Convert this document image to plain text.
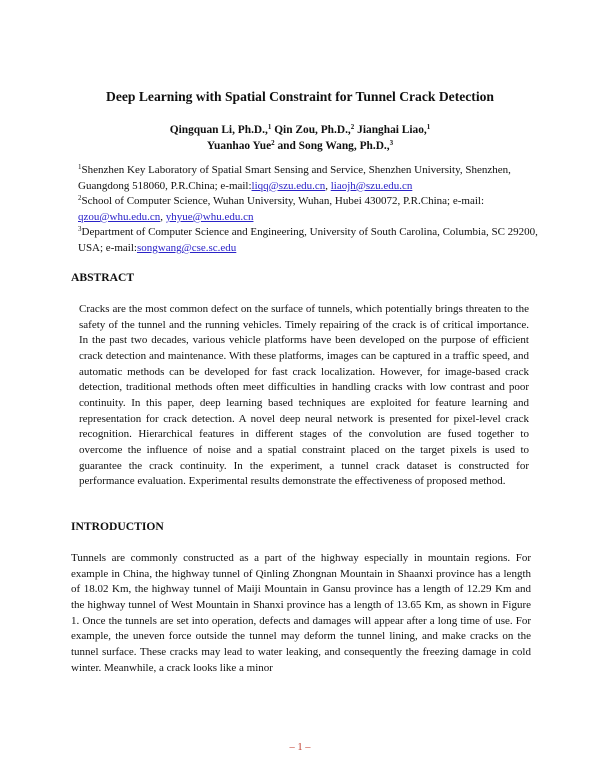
Deep Learning with Spatial Constraint for Tunnel Crack Detection
Qingquan Li, Ph.D.,$^1$ Qin Zou, Ph.D.,$^2$ Jianghai Liao,$^1$
Yuanhao Yue$^2$ and Song Wang, Ph.D.,$^3$
$^1$Shenzhen Key Laboratory of Spatial Smart Sensing and Service, Shenzhen University, Shenzhen, Guangdong 518060, P.R.China; e-mail:liqq@szu.edu.cn, liaojh@szu.edu.cn
$^2$School of Computer Science, Wuhan University, Wuhan, Hubei 430072, P.R.China; e-mail: qzou@whu.edu.cn, yhyue@whu.edu.cn
$^3$Department of Computer Science and Engineering, University of South Carolina, Columbia, SC 29200, USA; e-mail:songwang@cse.sc.edu
ABSTRACT

Cracks are the most common defect on the surface of tunnels, which potentially brings threaten to the safety of the tunnel and the running vehicles. Timely repairing of the crack is of critical importance. In the past two decades, various vehicle platforms have been developed on the purpose of efficient crack detection and maintenance. With these platforms, images can be captured in a traffic speed, and automatic methods can be developed for fast crack localization. However, for image-based crack detection, traditional methods often meet difficulties in handling cracks with low contrast and poor continuity. In this paper, deep learning based techniques are exploited for feature learning and representation for crack detection. A novel deep neural network is presented for pixel-level crack recognition. Hierarchical features in different stages of the convolution are fused together to overcome the influence of noise and a spatial constraint placed on the target pixels is used to guarantee the crack continuity. In the experiment, a tunnel crack dataset is constructed for performance evaluation. Experimental results demonstrate the effectiveness of proposed method.

INTRODUCTION

Tunnels are commonly constructed as a part of the highway especially in mountain regions. For example in China, the highway tunnel of Qinling Zhongnan Mountain in Shaanxi province has a length of 18.02 Km, the highway tunnel of Maiji Mountain in Gansu province has a length of 12.29 Km and the highway tunnel of West Mountain in Shanxi province has a length of 13.65 Km, as shown in Figure 1. Once the tunnels are set into operation, defects and damages will appear after a long time of use. For example, the uneven force outside the tunnel may deform the tunnel lining, and make cracks on the tunnel surface. These cracks may lead to water leaking, and consequently the freezing damage in cold winter. Meanwhile, a crack looks like a minor

– 1 –
